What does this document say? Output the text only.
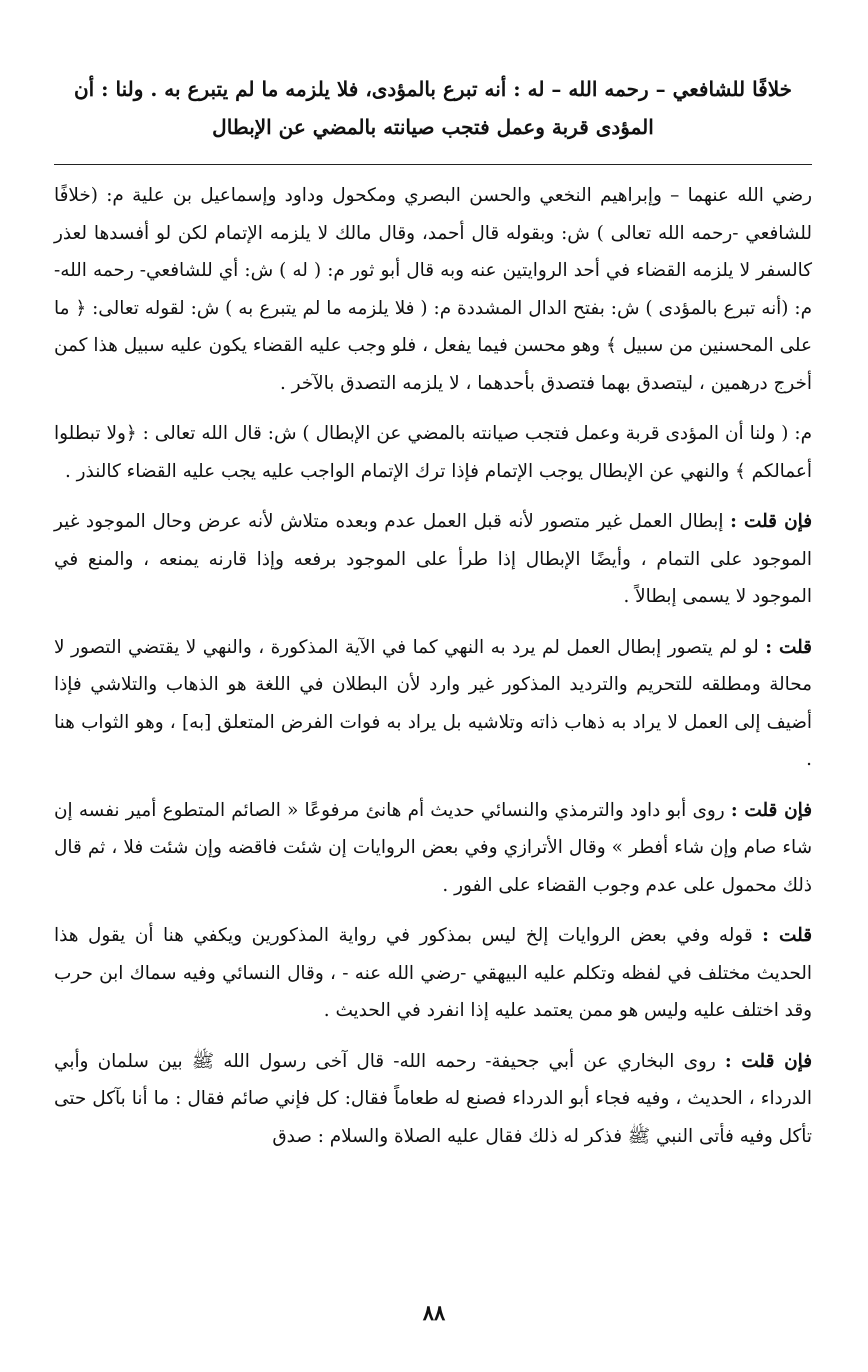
خلافًا للشافعي – رحمه الله – له : أنه تبرع بالمؤدى، فلا يلزمه ما لم يتبرع به . ولنا : أن المؤدى قربة وعمل فتجب صيانته بالمضي عن الإبطال
رضي الله عنهما – وإبراهيم النخعي والحسن البصري ومكحول وداود وإسماعيل بن علية م: (خلافًا للشافعي -رحمه الله تعالى ) ش: وبقوله قال أحمد، وقال مالك لا يلزمه الإتمام لكن لو أفسدها لعذر كالسفر لا يلزمه القضاء في أحد الروايتين عنه وبه قال أبو ثور م: ( له ) ش: أي للشافعي- رحمه الله- م: (أنه تبرع بالمؤدى ) ش: بفتح الدال المشددة م: ( فلا يلزمه ما لم يتبرع به ) ش: لقوله تعالى: ﴿ ما على المحسنين من سبيل ﴾ وهو محسن فيما يفعل ، فلو وجب عليه القضاء يكون عليه سبيل هذا كمن أخرج درهمين ، ليتصدق بهما فتصدق بأحدهما ، لا يلزمه التصدق بالآخر .
م: ( ولنا أن المؤدى قربة وعمل فتجب صيانته بالمضي عن الإبطال ) ش: قال الله تعالى : ﴿ولا تبطلوا أعمالكم ﴾ والنهي عن الإبطال يوجب الإتمام فإذا ترك الإتمام الواجب عليه يجب عليه القضاء كالنذر .
فإن قلت : إبطال العمل غير متصور لأنه قبل العمل عدم وبعده متلاش لأنه عرض وحال الموجود غير الموجود على التمام ، وأيضًا الإبطال إذا طرأ على الموجود برفعه وإذا قارنه يمنعه ، والمنع في الموجود لا يسمى إبطالاً .
قلت : لو لم يتصور إبطال العمل لم يرد به النهي كما في الآية المذكورة ، والنهي لا يقتضي التصور لا محالة ومطلقه للتحريم والترديد المذكور غير وارد لأن البطلان في اللغة هو الذهاب والتلاشي فإذا أضيف إلى العمل لا يراد به ذهاب ذاته وتلاشيه بل يراد به فوات الفرض المتعلق [به] ، وهو الثواب هنا .
فإن قلت : روى أبو داود والترمذي والنسائي حديث أم هانئ مرفوعًا « الصائم المتطوع أمير نفسه إن شاء صام وإن شاء أفطر » وقال الأترازي وفي بعض الروايات إن شئت فاقضه وإن شئت فلا ، ثم قال ذلك محمول على عدم وجوب القضاء على الفور .
قلت : قوله وفي بعض الروايات إلخ ليس بمذكور في رواية المذكورين ويكفي هنا أن يقول هذا الحديث مختلف في لفظه وتكلم عليه البيهقي -رضي الله عنه - ، وقال النسائي وفيه سماك ابن حرب وقد اختلف عليه وليس هو ممن يعتمد عليه إذا انفرد في الحديث .
فإن قلت : روى البخاري عن أبي جحيفة- رحمه الله- قال آخى رسول الله ﷺ بين سلمان وأبي الدرداء ، الحديث ، وفيه فجاء أبو الدرداء فصنع له طعاماً فقال: كل فإني صائم فقال : ما أنا بآكل حتى تأكل وفيه فأتى النبي ﷺ فذكر له ذلك فقال عليه الصلاة والسلام : صدق
٨٨
